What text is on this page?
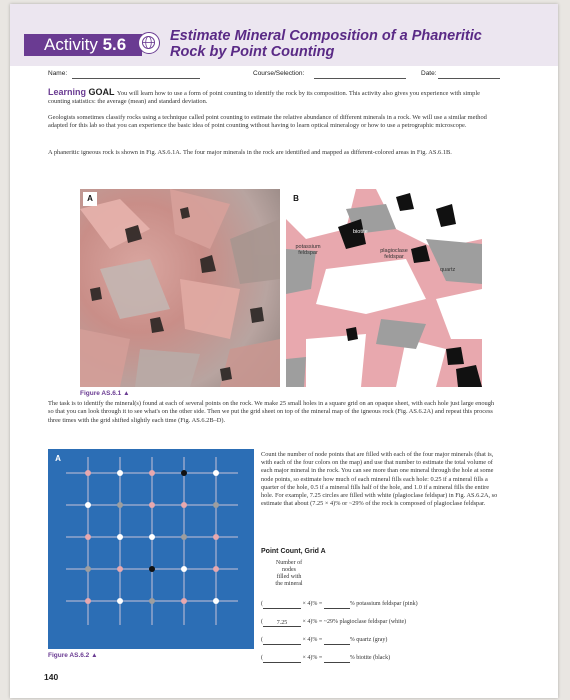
Activity 5.6	Estimate Mineral Composition of a Phaneritic
Rock by Point Counting
Name:	Course/Selection:	Date:
Learning GOAL You will learn how to use a form of point counting to identify the rock by its composition. This activity also gives you experience with simple counting statistics: the average (mean) and standard deviation.
Geologists sometimes classify rocks using a technique called point counting to estimate the relative abundance of different minerals in a rock. We will use a similar method adapted for this lab so that you can experience the basic idea of point counting without having to learn optical mineralogy or how to use a petrographic microscope.
A phaneritic igneous rock is shown in Fig. AS.6.1A. The four major minerals in the rock are identified and mapped as different-colored areas in Fig. AS.6.1B.
A	B
biotite
potassium
feldspar	plagioclase
feldspar
quartz
Figure AS.6.1 ▲
The task is to identify the mineral(s) found at each of several points on the rock. We make 25 small holes in a square grid on an opaque sheet, with each hole just large enough so that you can look through it to see what's on the other side. Then we put the grid sheet on top of the mineral map of the igneous rock (Fig. AS.6.2A) and repeat this process three times with the grid shifted slightly each time (Fig. AS.6.2B–D).
A
Figure AS.6.2 ▲
Count the number of node points that are filled with each of the four major minerals (that is, with each of the four colors on the map) and use that number to estimate the total volume of each major mineral in the rock. You can see more than one mineral through the hole at some node points, so estimate how much of each mineral fills each hole: 0.25 if a mineral fills a quarter of the hole, 0.5 if a mineral fills half of the hole, and 1.0 if a mineral fills the entire hole. For example, 7.25 circles are filled with white (plagioclase feldspar) in Fig. AS.6.2A, so estimate that about (7.25 × 4)% or ~29% of the rock is composed of plagioclase feldspar.
Point Count, Grid A
Number of
nodes
filled with
the mineral
(	× 4)% =	% potassium feldspar (pink)
( 7.25	× 4)% = ~29% plagioclase feldspar (white)
(	× 4)% =	% quartz (gray)
(	× 4)% =	% biotite (black)
140
